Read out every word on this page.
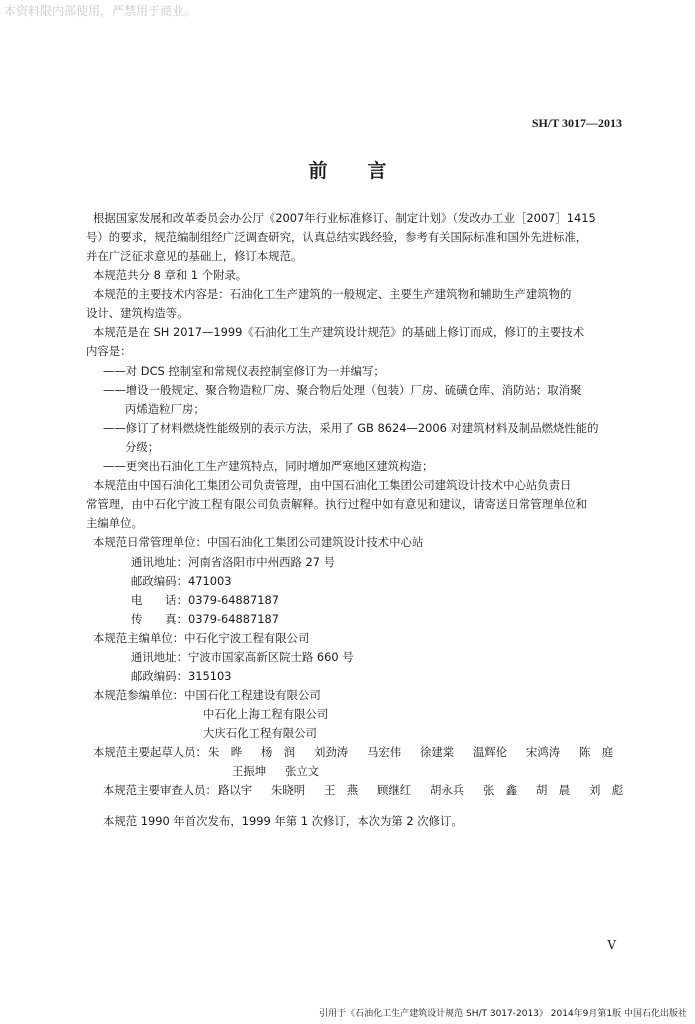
本资料限内部使用，严禁用于商业。
SH/T 3017—2013
前言
根据国家发展和改革委员会办公厅《2007年行业标准修订、制定计划》（发改办工业［2007］1415
号）的要求，规范编制组经广泛调查研究，认真总结实践经验，参考有关国际标准和国外先进标准，
并在广泛征求意见的基础上，修订本规范。
本规范共分 8 章和 1 个附录。
本规范的主要技术内容是：石油化工生产建筑的一般规定、主要生产建筑物和辅助生产建筑物的
设计、建筑构造等。
本规范是在 SH 2017—1999《石油化工生产建筑设计规范》的基础上修订而成，修订的主要技术
内容是：
——对 DCS 控制室和常规仪表控制室修订为一并编写；
——增设一般规定、聚合物造粒厂房、聚合物后处理（包装）厂房、硫磺仓库、消防站；取消聚
丙烯造粒厂房；
——修订了材料燃烧性能级别的表示方法，采用了 GB 8624—2006 对建筑材料及制品燃烧性能的
分级；
——更突出石油化工生产建筑特点，同时增加严寒地区建筑构造；
本规范由中国石油化工集团公司负责管理，由中国石油化工集团公司建筑设计技术中心站负责日
常管理，由中石化宁波工程有限公司负责解释。执行过程中如有意见和建议，请寄送日常管理单位和
主编单位。
本规范日常管理单位：中国石油化工集团公司建筑设计技术中心站
通讯地址：河南省洛阳市中州西路 27 号
邮政编码：471003
电　　话：0379-64887187
传　　真：0379-64887187
本规范主编单位：中石化宁波工程有限公司
通讯地址：宁波市国家高新区院士路 660 号
邮政编码：315103
本规范参编单位：中国石化工程建设有限公司
中石化上海工程有限公司
大庆石化工程有限公司
本规范主要起草人员： 朱　晔 杨　润 刘劲涛 马宏伟 徐建棠 温辉伦 宋鸿涛 陈　庭
王振坤 张立文
本规范主要审查人员： 路以宇 朱晓明 王　燕 顾继红 胡永兵 张　鑫 胡　晨 刘　彪
本规范 1990 年首次发布，1999 年第 1 次修订，本次为第 2 次修订。
V
引用于《石油化工生产建筑设计规范 SH/T 3017-2013》 2014年9月第1版 中国石化出版社
